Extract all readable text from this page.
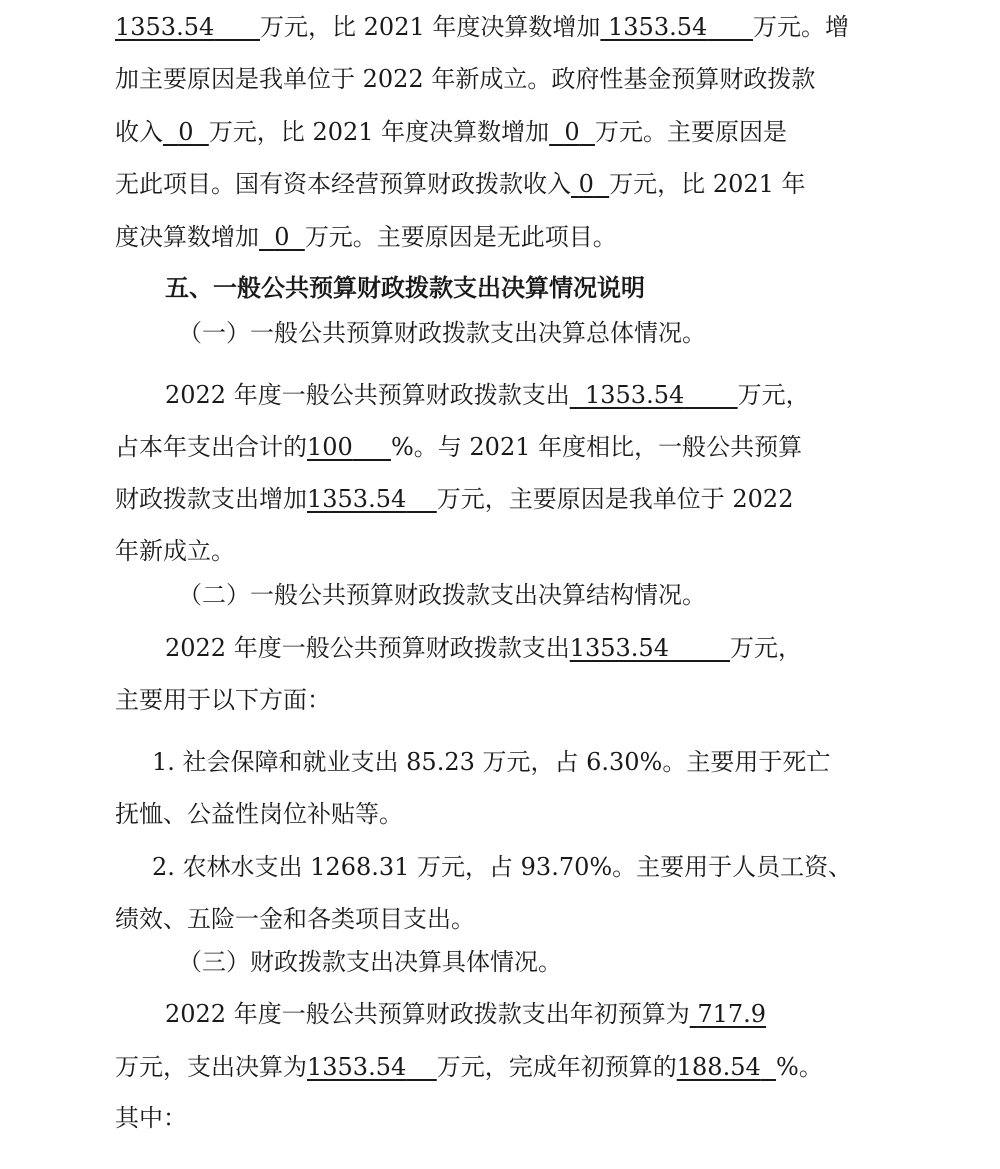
1353.54 万元，比 2021 年度决算数增加 1353.54 万元。增
加主要原因是我单位于 2022 年新成立。政府性基金预算财政拨款
收入 0 万元，比 2021 年度决算数增加 0 万元。主要原因是
无此项目。国有资本经营预算财政拨款收入 0 万元，比 2021 年
度决算数增加 0 万元。主要原因是无此项目。
五、一般公共预算财政拨款支出决算情况说明
（一）一般公共预算财政拨款支出决算总体情况。
2022 年度一般公共预算财政拨款支出 1353.54 万元，
占本年支出合计的100 %。与 2021 年度相比，一般公共预算
财政拨款支出增加1353.54 万元，主要原因是我单位于 2022
年新成立。
（二）一般公共预算财政拨款支出决算结构情况。
2022 年度一般公共预算财政拨款支出1353.54	万元，
主要用于以下方面：
1. 社会保障和就业支出 85.23 万元，占 6.30%。主要用于死亡
抚恤、公益性岗位补贴等。
2. 农林水支出 1268.31 万元，占 93.70%。主要用于人员工资、
绩效、五险一金和各类项目支出。
（三）财政拨款支出决算具体情况。
2022 年度一般公共预算财政拨款支出年初预算为 717.9
万元，支出决算为1353.54 万元，完成年初预算的188.54 %。
其中：
